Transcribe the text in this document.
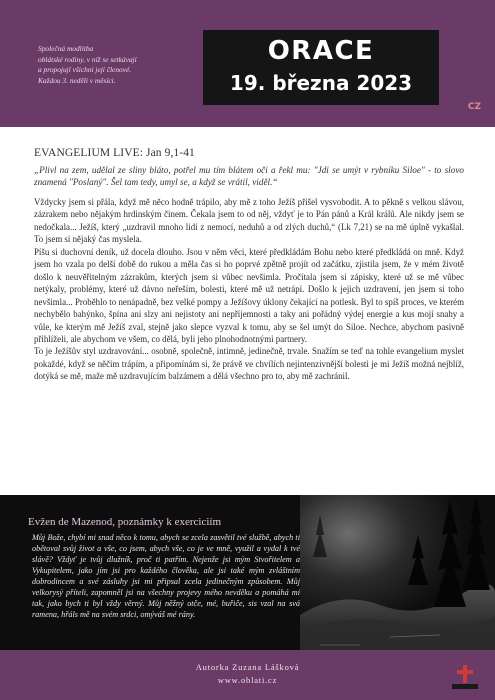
Společná modlitba
oblátské rodiny, v níž se setkávají
a propojují všichni její členové.
Každou 3. neděli v měsíci.
ORACE
19. března 2023
CZ
EVANGELIUM LIVE: Jan 9,1-41
„Plivl na zem, udělal ze sliny bláto, potřel mu tím blátem oči a řekl mu: "Jdi se umýt v rybníku Siloe" - to slovo znamená "Poslaný". Šel tam tedy, umyl se, a když se vrátil, viděl.“

Vždycky jsem si přála, když mě něco hodně trápilo, aby mě z toho Ježíš přišel vysvobodit. A to pěkně s velkou slávou, zázrakem nebo nějakým hrdinským činem. Čekala jsem to od něj, vždyť je to Pán pánů a Král králů. Ale nikdy jsem se nedočkala... Ježíš, který „uzdravil mnoho lidí z nemocí, neduhů a od zlých duchů,“ (Lk 7,21) se na mě úplně vykašlal. To jsem si nějaký čas myslela.

Píšu si duchovní deník, už docela dlouho. Jsou v něm věci, které předkládám Bohu nebo které předkládá on mně. Když jsem ho vzala po delší době do rukou a měla čas si ho poprvé zpětně projít od začátku, zjistila jsem, že v mém životě došlo k neuvěřitelným zázrakům, kterých jsem si vůbec nevšimla. Pročítala jsem si zápisky, které už se mě vůbec netýkaly, problémy, které už dávno neřeším, bolesti, které mě už netrápí. Došlo k jejich uzdravení, jen jsem si toho nevšimla... Proběhlo to nenápadně, bez velké pompy a Ježíšovy úklony čekající na potlesk. Byl to spíš proces, ve kterém nechybělo bahýnko, špína ani slzy ani nejistoty ani nepříjemnosti a taky ani pořádný výdej energie a kus mojí snahy a vůle, ke kterým mě Ježíš zval, stejně jako slepce vyzval k tomu, aby se šel umýt do Siloe. Nechce, abychom pasivně přihlíželi, ale abychom ve všem, co dělá, byli jeho plnohodnotnými partnery.

To je Ježíšův styl uzdravování... osobně, společně, intimně, jedinečně, trvale. Snažím se teď na tohle evangelium myslet pokaždé, když se něčím trápím, a připomínám si, že právě ve chvílích nejintenzivnější bolesti je mi Ježíš možná nejblíž, dotýká se mě, maže mě uzdravujícím balzámem a dělá všechno pro to, aby mě zachránil.

Evžen de Mazenod, poznámky k exerciciím
Můj Bože, chybí mi snad něco k tomu, abych se zcela zasvětil tvé službě, abych ti obětoval svůj život a vše, co jsem, abych vše, co je ve mně, využil a vydal k tvé slávě? Vždyť je tvůj dlužník, proč ti patřím. Nejenže jsi mým Stvořitelem a Vykupitelem, jako jím jsi pro každého člověka, ale jsi také mým zvláštním dobrodincem a své zásluhy jsi mi připsal zcela jedinečným způsobem. Můj velkorysý příteli, zapomněl jsi na všechny projevy mého nevděku a pomáhá mi tak, jako bych ti byl vždy věrný. Můj něžný otče, mé, buřiče, sis vzal na svá ramena, hřáls mě na svém srdci, omýváš mé rány.
Autorka Zuzana Lášková
www.oblati.cz
